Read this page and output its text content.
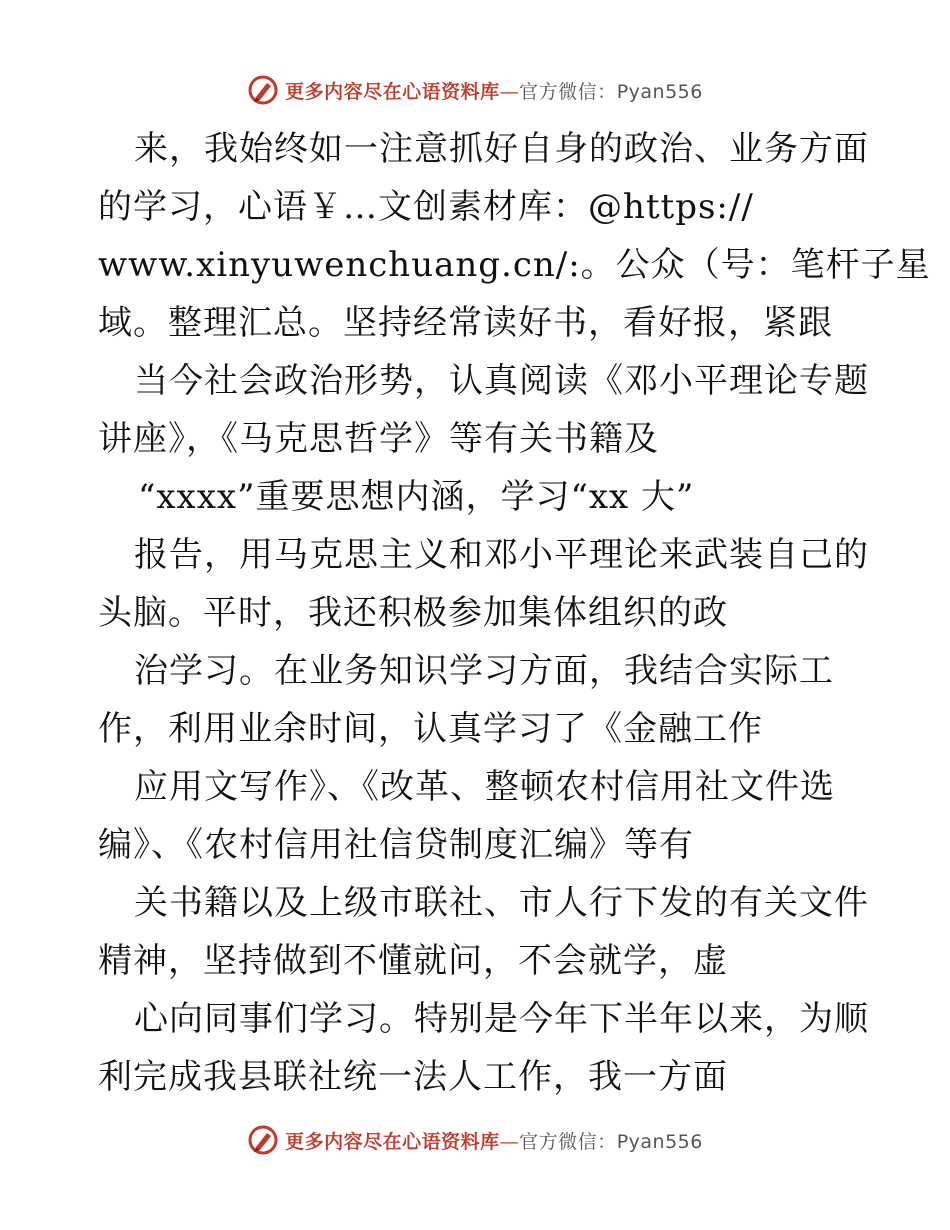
更多内容尽在心语资料库—官方微信：Pyan556
来，我始终如一注意抓好自身的政治、业务方面
的学习，心语￥…文创素材库：@https://
www.xinyuwenchuang.cn/:。公众（号：笔杆子星
域。整理汇总。坚持经常读好书，看好报，紧跟
当今社会政治形势，认真阅读《邓小平理论专题
讲座》，《马克思哲学》等有关书籍及
“xxxx”重要思想内涵，学习“xx 大”
报告，用马克思主义和邓小平理论来武装自己的
头脑。平时，我还积极参加集体组织的政
治学习。在业务知识学习方面，我结合实际工
作，利用业余时间，认真学习了《金融工作
应用文写作》、《改革、整顿农村信用社文件选
编》、《农村信用社信贷制度汇编》等有
关书籍以及上级市联社、市人行下发的有关文件
精神，坚持做到不懂就问，不会就学，虚
心向同事们学习。特别是今年下半年以来，为顺
利完成我县联社统一法人工作，我一方面
更多内容尽在心语资料库—官方微信：Pyan556
